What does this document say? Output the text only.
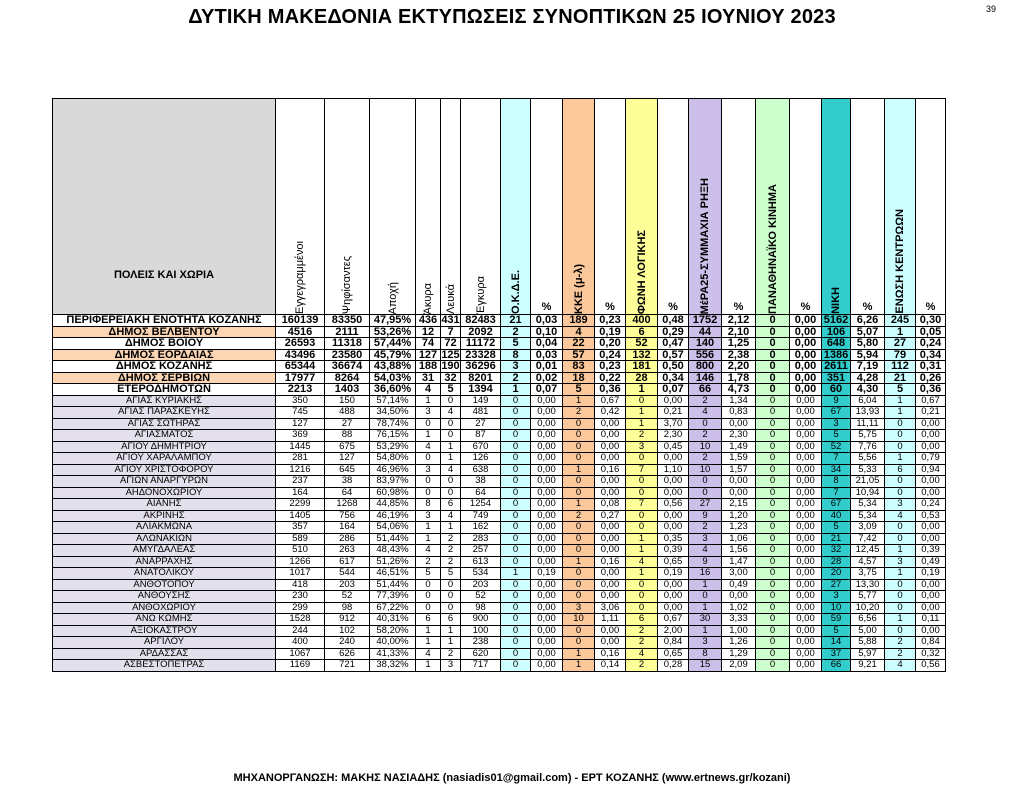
ΔΥΤΙΚΗ ΜΑΚΕΔΟΝΙΑ ΕΚΤΥΠΩΣΕΙΣ ΣΥΝΟΠΤΙΚΩΝ 25 ΙΟΥΝΙΟΥ 2023	39
ΠΟΛΕΙΣ ΚΑΙ ΧΩΡΙΑ	Εγγεγραμμένοι	Ψηφίσαντες	Αποχή	Άκυρα	Λευκά	Έγκυρα	Ο.Κ.Δ.Ε.	%	ΚΚΕ (μ-λ)	%	ΦΩΝΗ ΛΟΓΙΚΗΣ	%	ΜέΡΑ25-ΣΥΜΜΑΧΙΑ ΡΗΞΗ	%	ΠΑΝΑΘΗΝΑΪΚΟ ΚΙΝΗΜΑ	%	ΝΙΚΗ	%	ΕΝΩΣΗ ΚΕΝΤΡΩΩΝ	%
ΠΕΡΙΦΕΡΕΙΑΚΗ ΕΝΟΤΗΤΑ ΚΟΖΑΝΗΣ	160139	83350	47,95%	436	431	82483	21	0,03	189	0,23	400	0,48	1752	2,12	0	0,00	5162	6,26	245	0,30
ΔΗΜΟΣ ΒΕΛΒΕΝΤΟΥ	4516	2111	53,26%	12	7	2092	2	0,10	4	0,19	6	0,29	44	2,10	0	0,00	106	5,07	1	0,05
ΔΗΜΟΣ ΒΟΪΟΥ	26593	11318	57,44%	74	72	11172	5	0,04	22	0,20	52	0,47	140	1,25	0	0,00	648	5,80	27	0,24
ΔΗΜΟΣ ΕΟΡΔΑΙΑΣ	43496	23580	45,79%	127	125	23328	8	0,03	57	0,24	132	0,57	556	2,38	0	0,00	1386	5,94	79	0,34
ΔΗΜΟΣ ΚΟΖΑΝΗΣ	65344	36674	43,88%	188	190	36296	3	0,01	83	0,23	181	0,50	800	2,20	0	0,00	2611	7,19	112	0,31
ΔΗΜΟΣ ΣΕΡΒΙΩΝ	17977	8264	54,03%	31	32	8201	2	0,02	18	0,22	28	0,34	146	1,78	0	0,00	351	4,28	21	0,26
ΕΤΕΡΟΔΗΜΟΤΩΝ	2213	1403	36,60%	4	5	1394	1	0,07	5	0,36	1	0,07	66	4,73	0	0,00	60	4,30	5	0,36
ΑΓΙΑΣ ΚΥΡΙΑΚΗΣ	350	150	57,14%	1	0	149	0	0,00	1	0,67	0	0,00	2	1,34	0	0,00	9	6,04	1	0,67
ΑΓΙΑΣ ΠΑΡΑΣΚΕΥΗΣ	745	488	34,50%	3	4	481	0	0,00	2	0,42	1	0,21	4	0,83	0	0,00	67	13,93	1	0,21
ΑΓΙΑΣ ΣΩΤΗΡΑΣ	127	27	78,74%	0	0	27	0	0,00	0	0,00	1	3,70	0	0,00	0	0,00	3	11,11	0	0,00
ΑΓΙΑΣΜΑΤΟΣ	369	88	76,15%	1	0	87	0	0,00	0	0,00	2	2,30	2	2,30	0	0,00	5	5,75	0	0,00
ΑΓΙΟΥ ΔΗΜΗΤΡΙΟΥ	1445	675	53,29%	4	1	670	0	0,00	0	0,00	3	0,45	10	1,49	0	0,00	52	7,76	0	0,00
ΑΓΙΟΥ ΧΑΡΑΛΑΜΠΟΥ	281	127	54,80%	0	1	126	0	0,00	0	0,00	0	0,00	2	1,59	0	0,00	7	5,56	1	0,79
ΑΓΙΟΥ ΧΡΙΣΤΟΦΟΡΟΥ	1216	645	46,96%	3	4	638	0	0,00	1	0,16	7	1,10	10	1,57	0	0,00	34	5,33	6	0,94
ΑΓΙΩΝ ΑΝΑΡΓΥΡΩΝ	237	38	83,97%	0	0	38	0	0,00	0	0,00	0	0,00	0	0,00	0	0,00	8	21,05	0	0,00
ΑΗΔΟΝΟΧΩΡΙΟΥ	164	64	60,98%	0	0	64	0	0,00	0	0,00	0	0,00	0	0,00	0	0,00	7	10,94	0	0,00
ΑΙΑΝΗΣ	2299	1268	44,85%	8	6	1254	0	0,00	1	0,08	7	0,56	27	2,15	0	0,00	67	5,34	3	0,24
ΑΚΡΙΝΗΣ	1405	756	46,19%	3	4	749	0	0,00	2	0,27	0	0,00	9	1,20	0	0,00	40	5,34	4	0,53
ΑΛΙΑΚΜΩΝΑ	357	164	54,06%	1	1	162	0	0,00	0	0,00	0	0,00	2	1,23	0	0,00	5	3,09	0	0,00
ΑΛΩΝΑΚΙΩΝ	589	286	51,44%	1	2	283	0	0,00	0	0,00	1	0,35	3	1,06	0	0,00	21	7,42	0	0,00
ΑΜΥΓΔΑΛΕΑΣ	510	263	48,43%	4	2	257	0	0,00	0	0,00	1	0,39	4	1,56	0	0,00	32	12,45	1	0,39
ΑΝΑΡΡΑΧΗΣ	1266	617	51,26%	2	2	613	0	0,00	1	0,16	4	0,65	9	1,47	0	0,00	28	4,57	3	0,49
ΑΝΑΤΟΛΙΚΟΥ	1017	544	46,51%	5	5	534	1	0,19	0	0,00	1	0,19	16	3,00	0	0,00	20	3,75	1	0,19
ΑΝΘΟΤΟΠΟΥ	418	203	51,44%	0	0	203	0	0,00	0	0,00	0	0,00	1	0,49	0	0,00	27	13,30	0	0,00
ΑΝΘΟΥΣΗΣ	230	52	77,39%	0	0	52	0	0,00	0	0,00	0	0,00	0	0,00	0	0,00	3	5,77	0	0,00
ΑΝΘΟΧΩΡΙΟΥ	299	98	67,22%	0	0	98	0	0,00	3	3,06	0	0,00	1	1,02	0	0,00	10	10,20	0	0,00
ΑΝΩ ΚΩΜΗΣ	1528	912	40,31%	6	6	900	0	0,00	10	1,11	6	0,67	30	3,33	0	0,00	59	6,56	1	0,11
ΑΞΙΟΚΑΣΤΡΟΥ	244	102	58,20%	1	1	100	0	0,00	0	0,00	2	2,00	1	1,00	0	0,00	5	5,00	0	0,00
ΑΡΓΙΛΟΥ	400	240	40,00%	1	1	238	0	0,00	0	0,00	2	0,84	3	1,26	0	0,00	14	5,88	2	0,84
ΑΡΔΑΣΣΑΣ	1067	626	41,33%	4	2	620	0	0,00	1	0,16	4	0,65	8	1,29	0	0,00	37	5,97	2	0,32
ΑΣΒΕΣΤΟΠΕΤΡΑΣ	1169	721	38,32%	1	3	717	0	0,00	1	0,14	2	0,28	15	2,09	0	0,00	66	9,21	4	0,56
ΜΗΧΑΝΟΡΓΑΝΩΣΗ: ΜΑΚΗΣ ΝΑΣΙΑΔΗΣ (nasiadis01@gmail.com) - ΕΡΤ ΚΟΖΑΝΗΣ (www.ertnews.gr/kozani)
